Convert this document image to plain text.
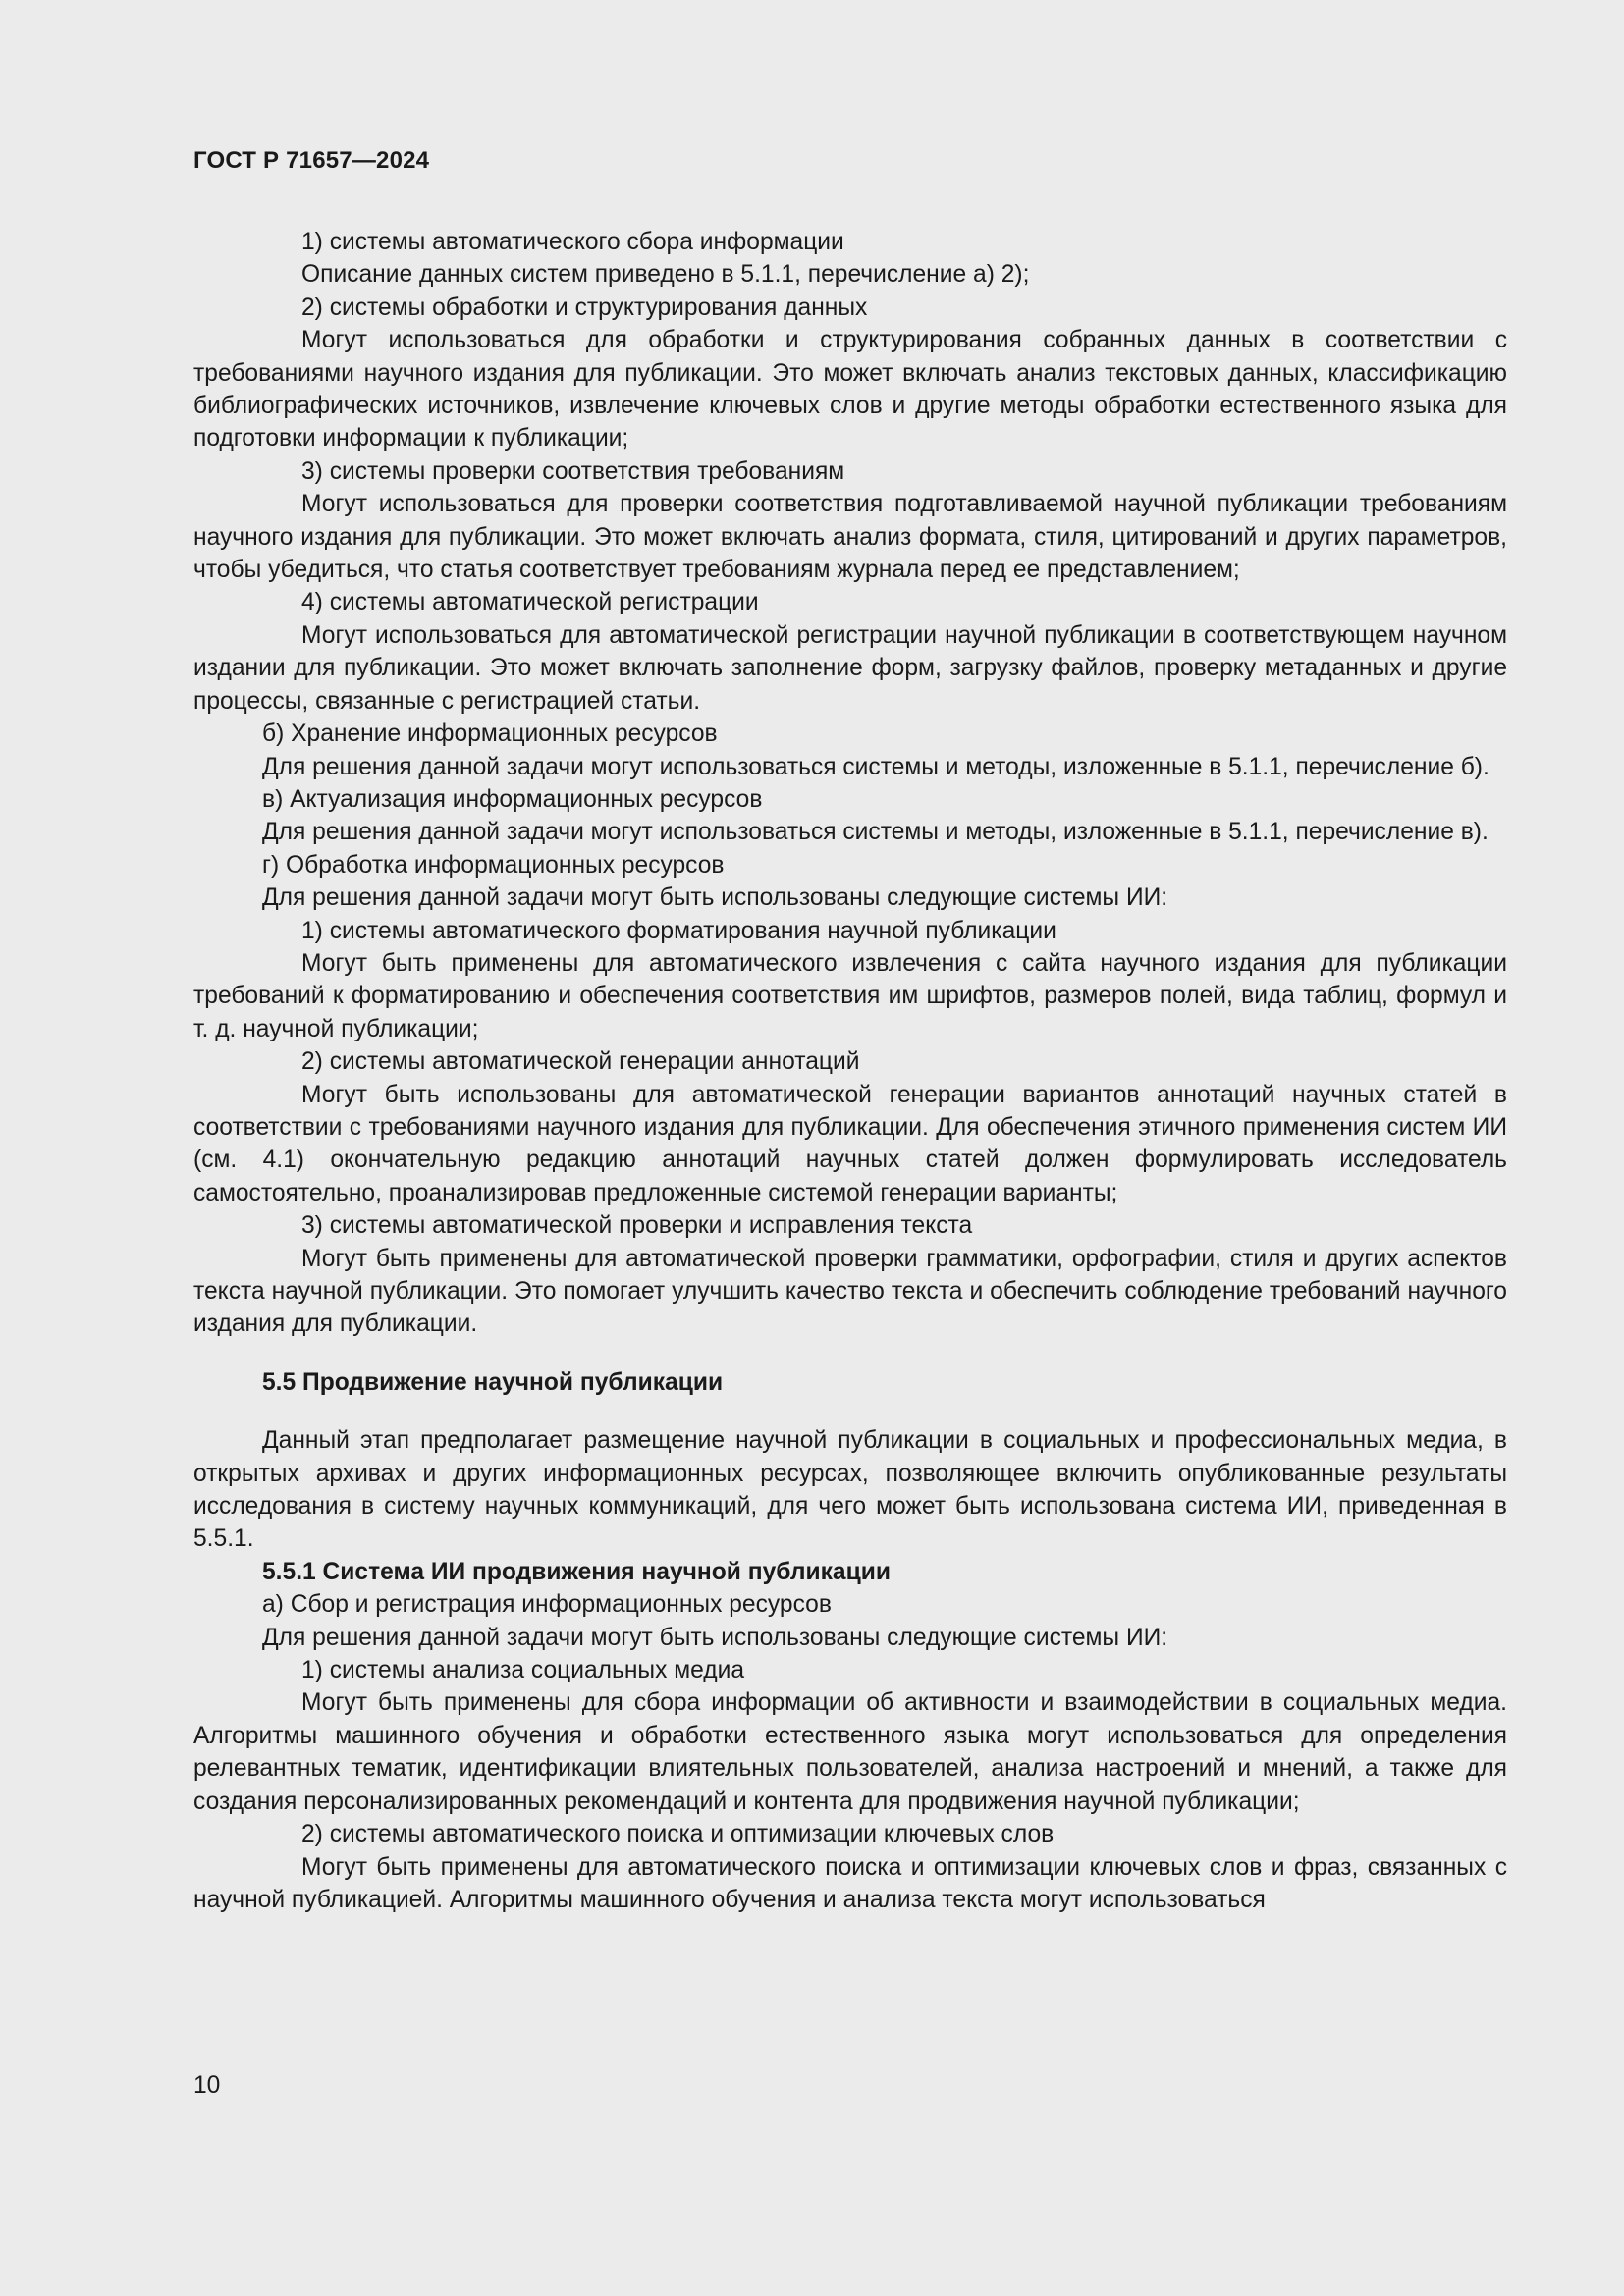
ГОСТ Р 71657—2024

1) системы автоматического сбора информации

Описание данных систем приведено в 5.1.1, перечисление а) 2);

2) системы обработки и структурирования данных

Могут использоваться для обработки и структурирования собранных данных в соответствии с требованиями научного издания для публикации. Это может включать анализ текстовых данных, классификацию библиографических источников, извлечение ключевых слов и другие методы обработки естественного языка для подготовки информации к публикации;

3) системы проверки соответствия требованиям

Могут использоваться для проверки соответствия подготавливаемой научной публикации требованиям научного издания для публикации. Это может включать анализ формата, стиля, цитирований и других параметров, чтобы убедиться, что статья соответствует требованиям журнала перед ее представлением;

4) системы автоматической регистрации

Могут использоваться для автоматической регистрации научной публикации в соответствующем научном издании для публикации. Это может включать заполнение форм, загрузку файлов, проверку метаданных и другие процессы, связанные с регистрацией статьи.

б) Хранение информационных ресурсов

Для решения данной задачи могут использоваться системы и методы, изложенные в 5.1.1, перечисление б).

в) Актуализация информационных ресурсов

Для решения данной задачи могут использоваться системы и методы, изложенные в 5.1.1, перечисление в).

г) Обработка информационных ресурсов

Для решения данной задачи могут быть использованы следующие системы ИИ:

1) системы автоматического форматирования научной публикации

Могут быть применены для автоматического извлечения с сайта научного издания для публикации требований к форматированию и обеспечения соответствия им шрифтов, размеров полей, вида таблиц, формул и т. д. научной публикации;

2) системы автоматической генерации аннотаций

Могут быть использованы для автоматической генерации вариантов аннотаций научных статей в соответствии с требованиями научного издания для публикации. Для обеспечения этичного применения систем ИИ (см. 4.1) окончательную редакцию аннотаций научных статей должен формулировать исследователь самостоятельно, проанализировав предложенные системой генерации варианты;

3) системы автоматической проверки и исправления текста

Могут быть применены для автоматической проверки грамматики, орфографии, стиля и других аспектов текста научной публикации. Это помогает улучшить качество текста и обеспечить соблюдение требований научного издания для публикации.

5.5 Продвижение научной публикации

Данный этап предполагает размещение научной публикации в социальных и профессиональных медиа, в открытых архивах и других информационных ресурсах, позволяющее включить опубликованные результаты исследования в систему научных коммуникаций, для чего может быть использована система ИИ, приведенная в 5.5.1.

5.5.1 Система ИИ продвижения научной публикации

а) Сбор и регистрация информационных ресурсов

Для решения данной задачи могут быть использованы следующие системы ИИ:

1) системы анализа социальных медиа

Могут быть применены для сбора информации об активности и взаимодействии в социальных медиа. Алгоритмы машинного обучения и обработки естественного языка могут использоваться для определения релевантных тематик, идентификации влиятельных пользователей, анализа настроений и мнений, а также для создания персонализированных рекомендаций и контента для продвижения научной публикации;

2) системы автоматического поиска и оптимизации ключевых слов

Могут быть применены для автоматического поиска и оптимизации ключевых слов и фраз, связанных с научной публикацией. Алгоритмы машинного обучения и анализа текста могут использоваться

10
